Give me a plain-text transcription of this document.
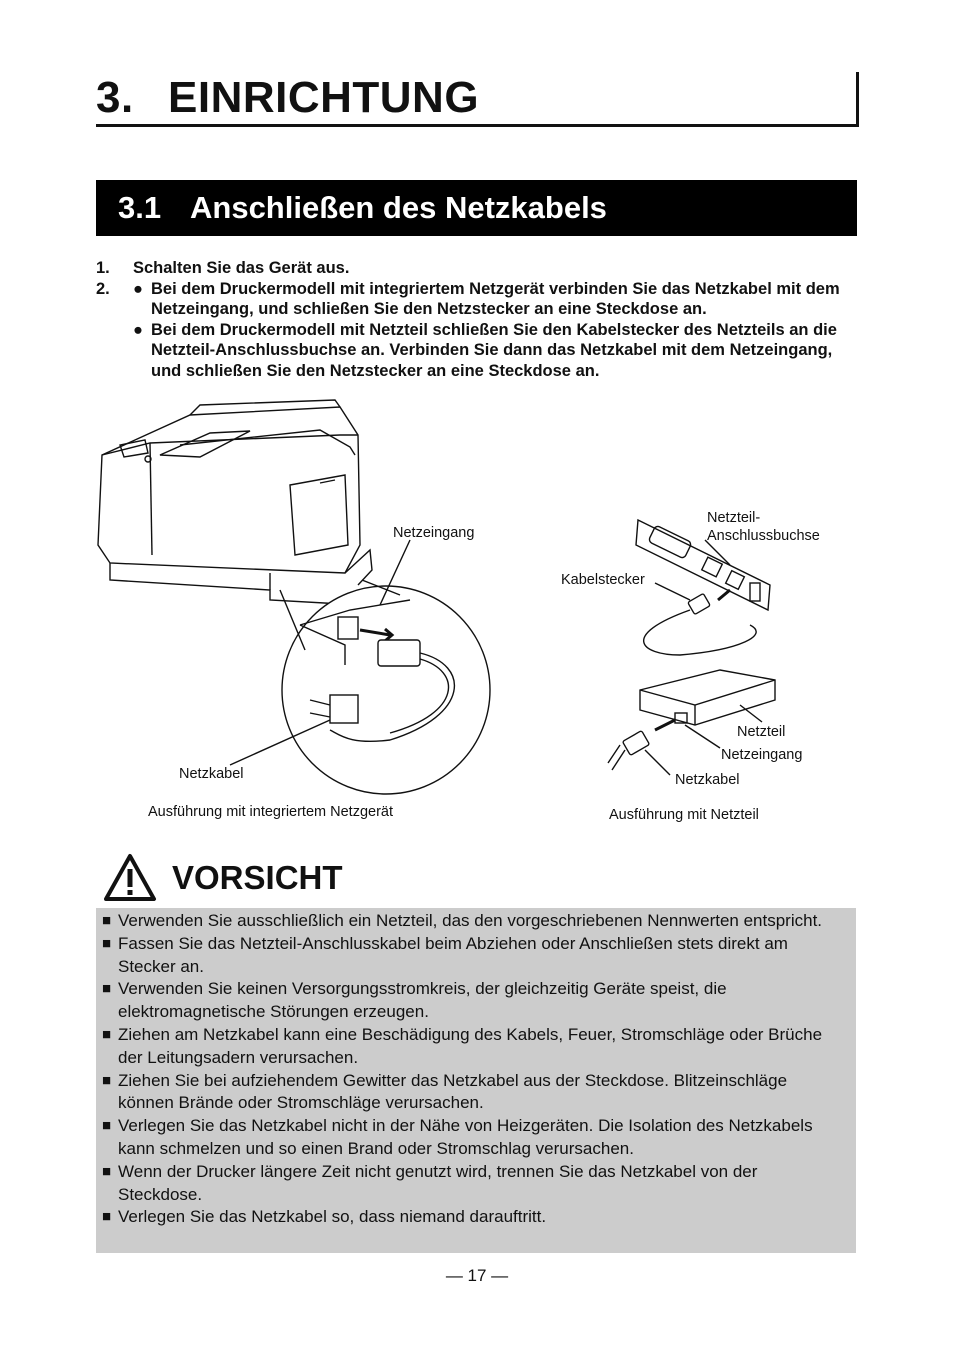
3. EINRICHTUNG
3.1 Anschließen des Netzkabels
1.	Schalten Sie das Gerät aus.
2.	● Bei dem Druckermodell mit integriertem Netzgerät verbinden Sie das Netzkabel mit dem Netzeingang, und schließen Sie den Netzstecker an eine Steckdose an.
● Bei dem Druckermodell mit Netzteil schließen Sie den Kabelstecker des Netzteils an die Netzteil-Anschlussbuchse an. Verbinden Sie dann das Netzkabel mit dem Netzeingang, und schließen Sie den Netzstecker an eine Steckdose an.
Netzeingang
Netzkabel
Ausführung mit integriertem Netzgerät
Netzteil-
Anschlussbuchse
Kabelstecker
Netzteil
Netzeingang
Netzkabel
Ausführung mit Netzteil
VORSICHT
■ Verwenden Sie ausschließlich ein Netzteil, das den vorgeschriebenen Nennwerten entspricht.
■ Fassen Sie das Netzteil-Anschlusskabel beim Abziehen oder Anschließen stets direkt am Stecker an.
■ Verwenden Sie keinen Versorgungsstromkreis, der gleichzeitig Geräte speist, die elektromagnetische Störungen erzeugen.
■ Ziehen am Netzkabel kann eine Beschädigung des Kabels, Feuer, Stromschläge oder Brüche der Leitungsadern verursachen.
■ Ziehen Sie bei aufziehendem Gewitter das Netzkabel aus der Steckdose. Blitzeinschläge können Brände oder Stromschläge verursachen.
■ Verlegen Sie das Netzkabel nicht in der Nähe von Heizgeräten. Die Isolation des Netzkabels kann schmelzen und so einen Brand oder Stromschlag verursachen.
■ Wenn der Drucker längere Zeit nicht genutzt wird, trennen Sie das Netzkabel von der Steckdose.
■ Verlegen Sie das Netzkabel so, dass niemand darauftritt.
— 17 —
